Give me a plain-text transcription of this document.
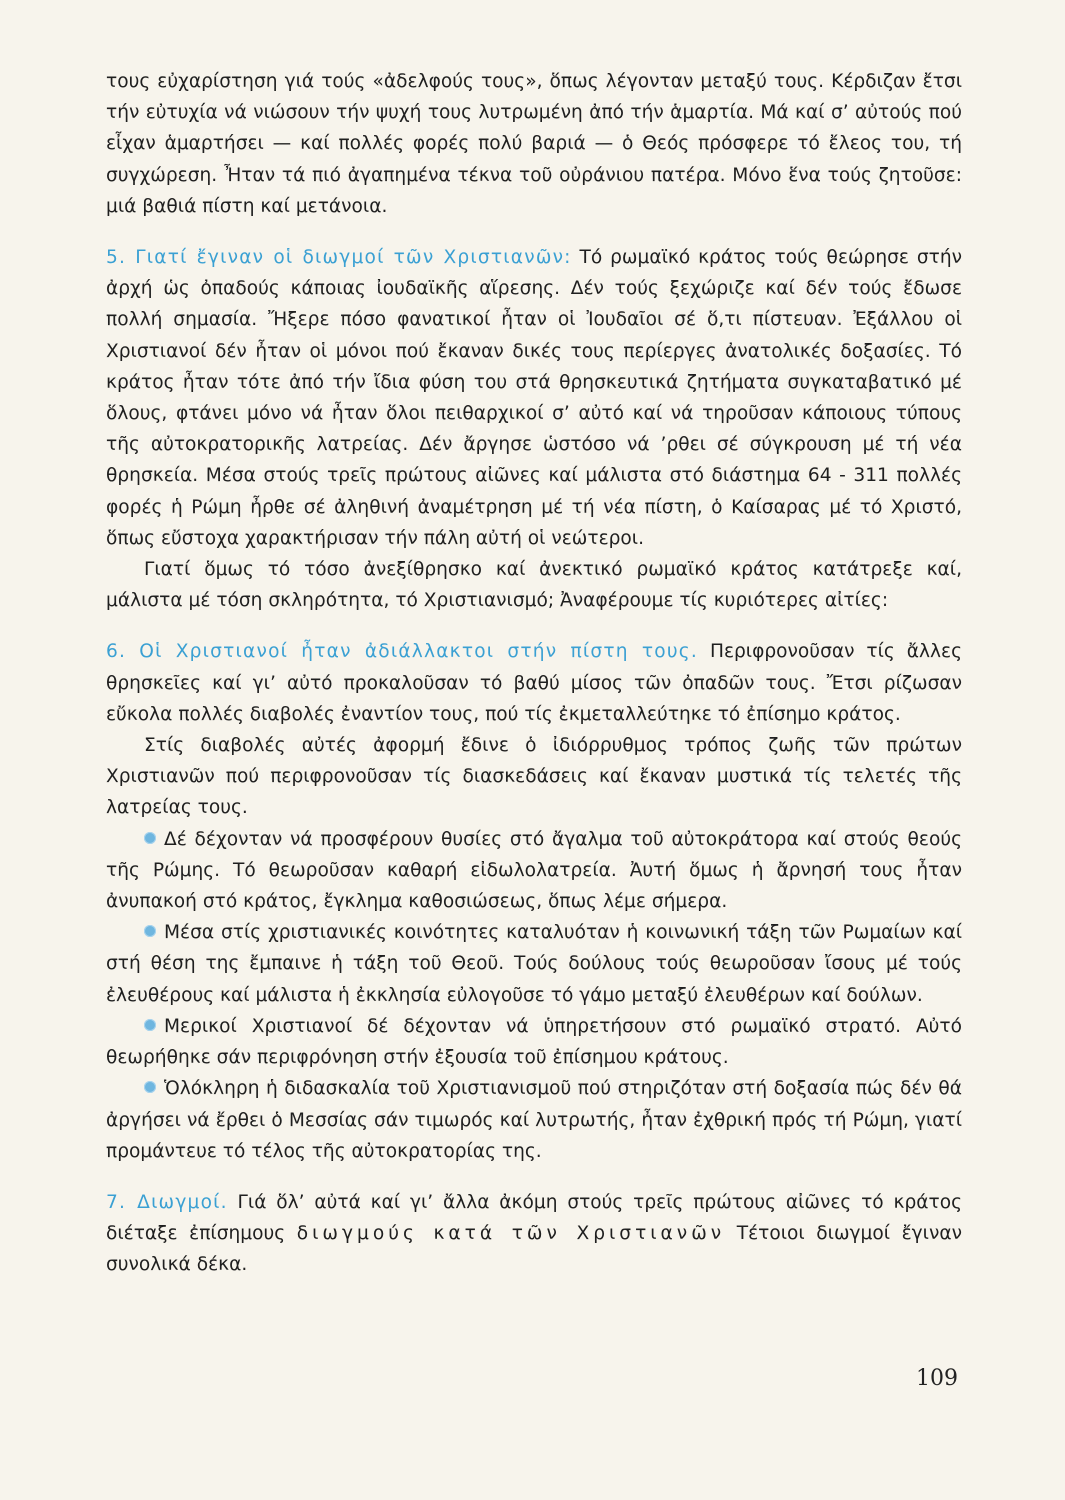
τους εὐχαρίστηση γιά τούς «ἀδελφούς τους», ὅπως λέγονταν μεταξύ τους. Κέρδιζαν ἔτσι τήν εὐτυχία νά νιώσουν τήν ψυχή τους λυτρωμένη ἀπό τήν ἁμαρτία. Μά καί σ’ αὐτούς πού εἶχαν ἁμαρτήσει — καί πολλές φορές πολύ βαριά — ὁ Θεός πρόσφερε τό ἔλεος του, τή συγχώρεση. Ἦταν τά πιό ἀγαπημένα τέκνα τοῦ οὐράνιου πατέρα. Μόνο ἕνα τούς ζητοῦσε: μιά βαθιά πίστη καί μετάνοια.

5. Γιατί ἔγιναν οἱ διωγμοί τῶν Χριστιανῶν: Τό ρωμαϊκό κράτος τούς θεώρησε στήν ἀρχή ὡς ὀπαδούς κάποιας ἰουδαϊκῆς αἵρεσης. Δέν τούς ξεχώριζε καί δέν τούς ἔδωσε πολλή σημασία. Ἤξερε πόσο φανατικοί ἦταν οἱ Ἰουδαῖοι σέ ὅ,τι πίστευαν. Ἐξάλλου οἱ Χριστιανοί δέν ἦταν οἱ μόνοι πού ἔκαναν δικές τους περίεργες ἀνατολικές δοξασίες. Τό κράτος ἦταν τότε ἀπό τήν ἴδια φύση του στά θρησκευτικά ζητήματα συγκαταβατικό μέ ὅλους, φτάνει μόνο νά ἦταν ὅλοι πειθαρχικοί σ’ αὐτό καί νά τηροῦσαν κάποιους τύπους τῆς αὐτοκρατορικῆς λατρείας. Δέν ἄργησε ὡστόσο νά ’ρθει σέ σύγκρουση μέ τή νέα θρησκεία. Μέσα στούς τρεῖς πρώτους αἰῶνες καί μάλιστα στό διάστημα 64 - 311 πολλές φορές ἡ Ρώμη ἦρθε σέ ἀληθινή ἀναμέτρηση μέ τή νέα πίστη, ὁ Καίσαρας μέ τό Χριστό, ὅπως εὔστοχα χαρακτήρισαν τήν πάλη αὐτή οἱ νεώτεροι.

Γιατί ὅμως τό τόσο ἀνεξίθρησκο καί ἀνεκτικό ρωμαϊκό κράτος κατάτρεξε καί, μάλιστα μέ τόση σκληρότητα, τό Χριστιανισμό; Ἀναφέρουμε τίς κυριότερες αἰτίες:

6. Οἱ Χριστιανοί ἦταν ἀδιάλλακτοι στήν πίστη τους. Περιφρονοῦσαν τίς ἄλλες θρησκεῖες καί γι’ αὐτό προκαλοῦσαν τό βαθύ μίσος τῶν ὀπαδῶν τους. Ἔτσι ρίζωσαν εὔκολα πολλές διαβολές ἐναντίον τους, πού τίς ἐκμεταλλεύτηκε τό ἐπίσημο κράτος.

Στίς διαβολές αὐτές ἀφορμή ἔδινε ὁ ἰδιόρρυθμος τρόπος ζωῆς τῶν πρώτων Χριστιανῶν πού περιφρονοῦσαν τίς διασκεδάσεις καί ἔκαναν μυστικά τίς τελετές τῆς λατρείας τους.

Δέ δέχονταν νά προσφέρουν θυσίες στό ἄγαλμα τοῦ αὐτοκράτορα καί στούς θεούς τῆς Ρώμης. Τό θεωροῦσαν καθαρή εἰδωλολατρεία. Ἀυτή ὅμως ἡ ἄρνησή τους ἦταν ἀνυπακοή στό κράτος, ἔγκλημα καθοσιώσεως, ὅπως λέμε σήμερα.

Μέσα στίς χριστιανικές κοινότητες καταλυόταν ἡ κοινωνική τάξη τῶν Ρωμαίων καί στή θέση της ἔμπαινε ἡ τάξη τοῦ Θεοῦ. Τούς δούλους τούς θεωροῦσαν ἴσους μέ τούς ἐλευθέρους καί μάλιστα ἡ ἐκκλησία εὐλογοῦσε τό γάμο μεταξύ ἐλευθέρων καί δούλων.

Μερικοί Χριστιανοί δέ δέχονταν νά ὑπηρετήσουν στό ρωμαϊκό στρατό. Αὐτό θεωρήθηκε σάν περιφρόνηση στήν ἐξουσία τοῦ ἐπίσημου κράτους.

Ὁλόκληρη ἡ διδασκαλία τοῦ Χριστιανισμοῦ πού στηριζόταν στή δοξασία πώς δέν θά ἀργήσει νά ἔρθει ὁ Μεσσίας σάν τιμωρός καί λυτρωτής, ἦταν ἐχθρική πρός τή Ρώμη, γιατί προμάντευε τό τέλος τῆς αὐτοκρατορίας της.

7. Διωγμοί. Γιά ὅλ’ αὐτά καί γι’ ἄλλα ἀκόμη στούς τρεῖς πρώτους αἰῶνες τό κράτος διέταξε ἐπίσημους διωγμούς κατά τῶν Χριστιανῶν Τέτοιοι διωγμοί ἔγιναν συνολικά δέκα.

109
